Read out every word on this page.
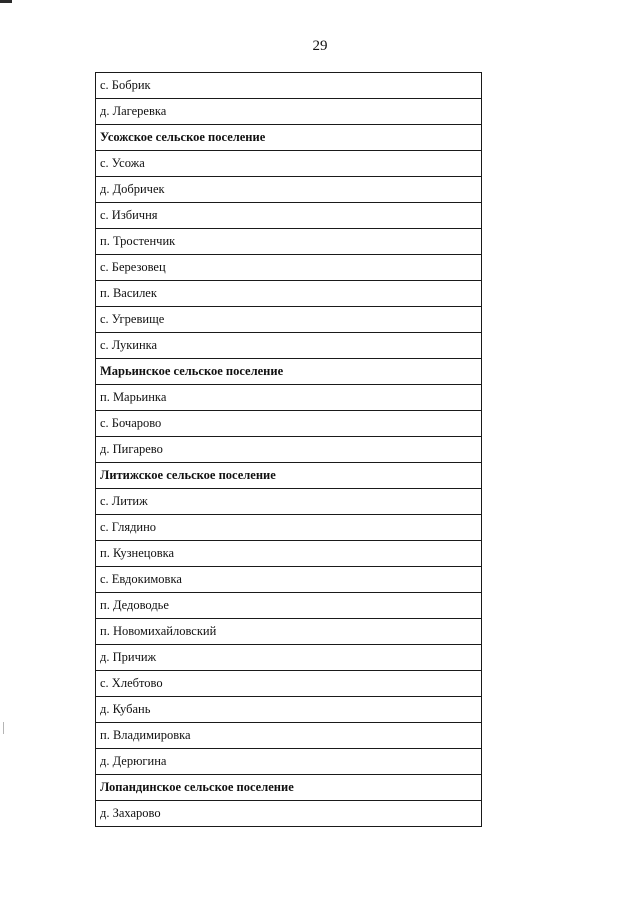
29
с. Бобрик
д. Лагеревка
Усожское сельское поселение
с. Усожа
д. Добричек
с. Избичня
п. Тростенчик
с. Березовец
п. Василек
с. Угревище
с. Лукинка
Марьинское сельское поселение
п. Марьинка
с. Бочарово
д. Пигарево
Литижское сельское поселение
с. Литиж
с. Глядино
п. Кузнецовка
с. Евдокимовка
п. Дедоводье
п. Новомихайловский
д. Причиж
с. Хлебтово
д. Кубань
п. Владимировка
д. Дерюгина
Лопандинское сельское поселение
д. Захарово
